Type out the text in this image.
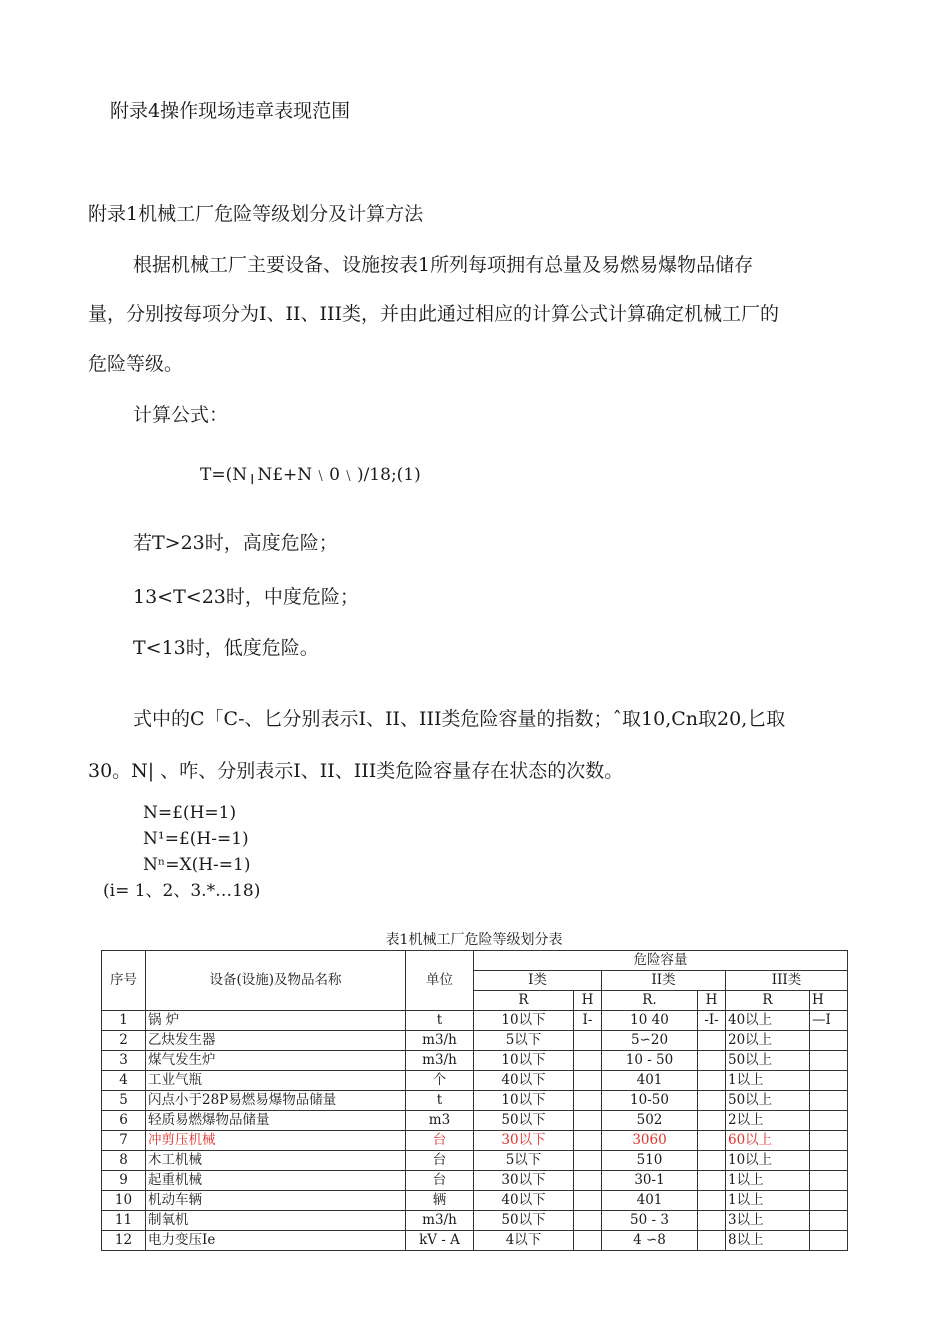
附录4操作现场违章表现范围
附录1机械工厂危险等级划分及计算方法
根据机械工厂主要设备、设施按表1所列每项拥有总量及易燃易爆物品储存
量，分别按每项分为I、II、III类，并由此通过相应的计算公式计算确定机械工厂的
危险等级。
计算公式：
T=(N╷N£+N﹨0﹨)/18;(1)
若T>23时，高度危险；
13<T<23时，中度危险；
T<13时，低度危险。
式中的C「C-、匕分别表示I、II、III类危险容量的指数；ˆ取10,Cn取20,匕取
30。N| 、咋、分别表示I、II、III类危险容量存在状态的次数。
N=£(H=1)
N¹=£(H-=1)
Nⁿ=X(H-=1)
(i= 1、2、3.*…18)
表1机械工厂危险等级划分表
序号	设备(设施)及物品名称	单位	危险容量					
			I类		II类		III类	
			R	H	R.	H	R	H
1	锅 炉	t	10以下	I-	10 40	-I-	40以上	—I
2	乙炔发生器	m3/h	5以下		5∽20		20以上	
3	煤气发生炉	m3/h	10以下		10 - 50		50以上	
4	工业气瓶	个	40以下		401		1以上	
5	闪点小于28P易燃易爆物品储量	t	10以下		10-50		50以上	
6	轻质易燃爆物品储量	m3	50以下		502		2以上	
7	冲剪压机械	台	30以下		3060		60以上	
8	木工机械	台	5以下		510		10以上	
9	起重机械	台	30以下		30-1		1以上	
10	机动车辆	辆	40以下		401		1以上	
11	制氧机	m3/h	50以下		50 - 3		3以上	
12	电力变压Ie	kV - A	4以下		4 ∽8		8以上	
